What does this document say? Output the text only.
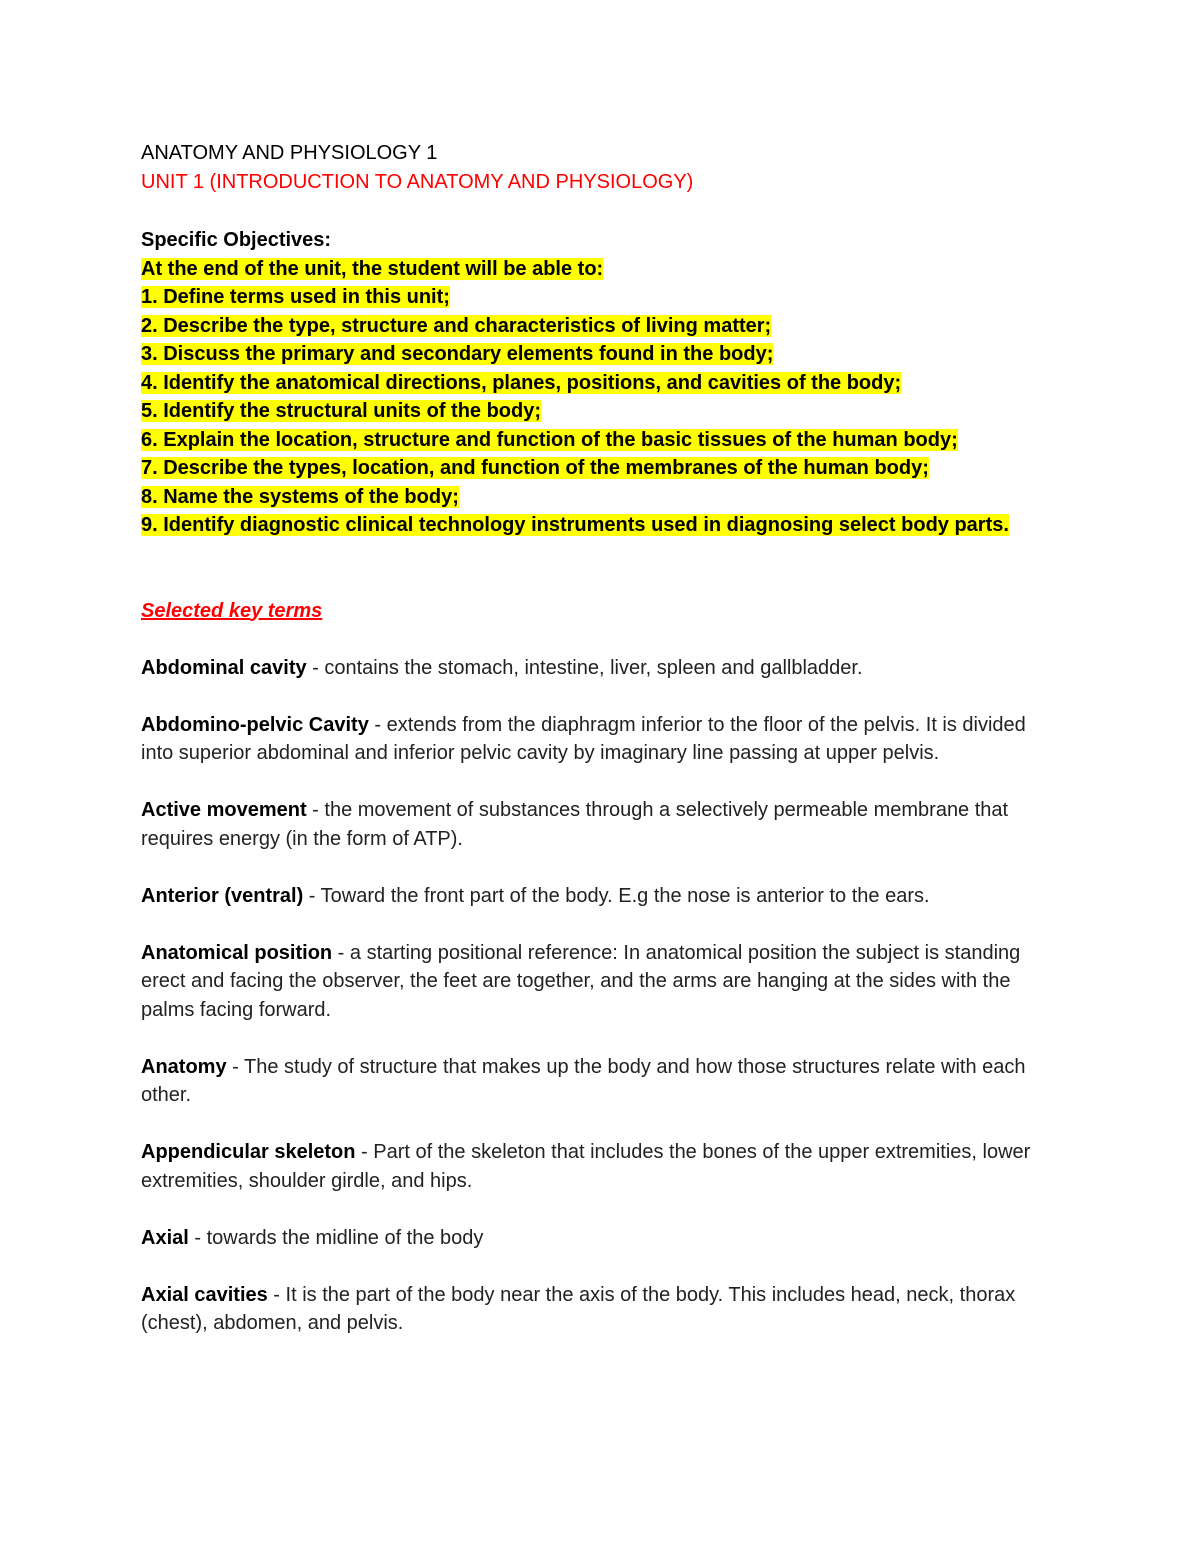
ANATOMY AND PHYSIOLOGY 1
UNIT 1 (INTRODUCTION TO ANATOMY AND PHYSIOLOGY)
Specific Objectives:
At the end of the unit, the student will be able to:
1. Define terms used in this unit;
2. Describe the type, structure and characteristics of living matter;
3. Discuss the primary and secondary elements found in the body;
4. Identify the anatomical directions, planes, positions, and cavities of the body;
5. Identify the structural units of the body;
6. Explain the location, structure and function of the basic tissues of the human body;
7. Describe the types, location, and function of the membranes of the human body;
8. Name the systems of the body;
9. Identify diagnostic clinical technology instruments used in diagnosing select body parts.
Selected key terms

Abdominal cavity - contains the stomach, intestine, liver, spleen and gallbladder.

Abdomino-pelvic Cavity - extends from the diaphragm inferior to the floor of the pelvis. It is divided into superior abdominal and inferior pelvic cavity by imaginary line passing at upper pelvis.

Active movement - the movement of substances through a selectively permeable membrane that requires energy (in the form of ATP).

Anterior (ventral) - Toward the front part of the body. E.g the nose is anterior to the ears.

Anatomical position - a starting positional reference: In anatomical position the subject is standing erect and facing the observer, the feet are together, and the arms are hanging at the sides with the palms facing forward.

Anatomy - The study of structure that makes up the body and how those structures relate with each other.

Appendicular skeleton - Part of the skeleton that includes the bones of the upper extremities, lower extremities, shoulder girdle, and hips.

Axial - towards the midline of the body

Axial cavities - It is the part of the body near the axis of the body. This includes head, neck, thorax (chest), abdomen, and pelvis.
